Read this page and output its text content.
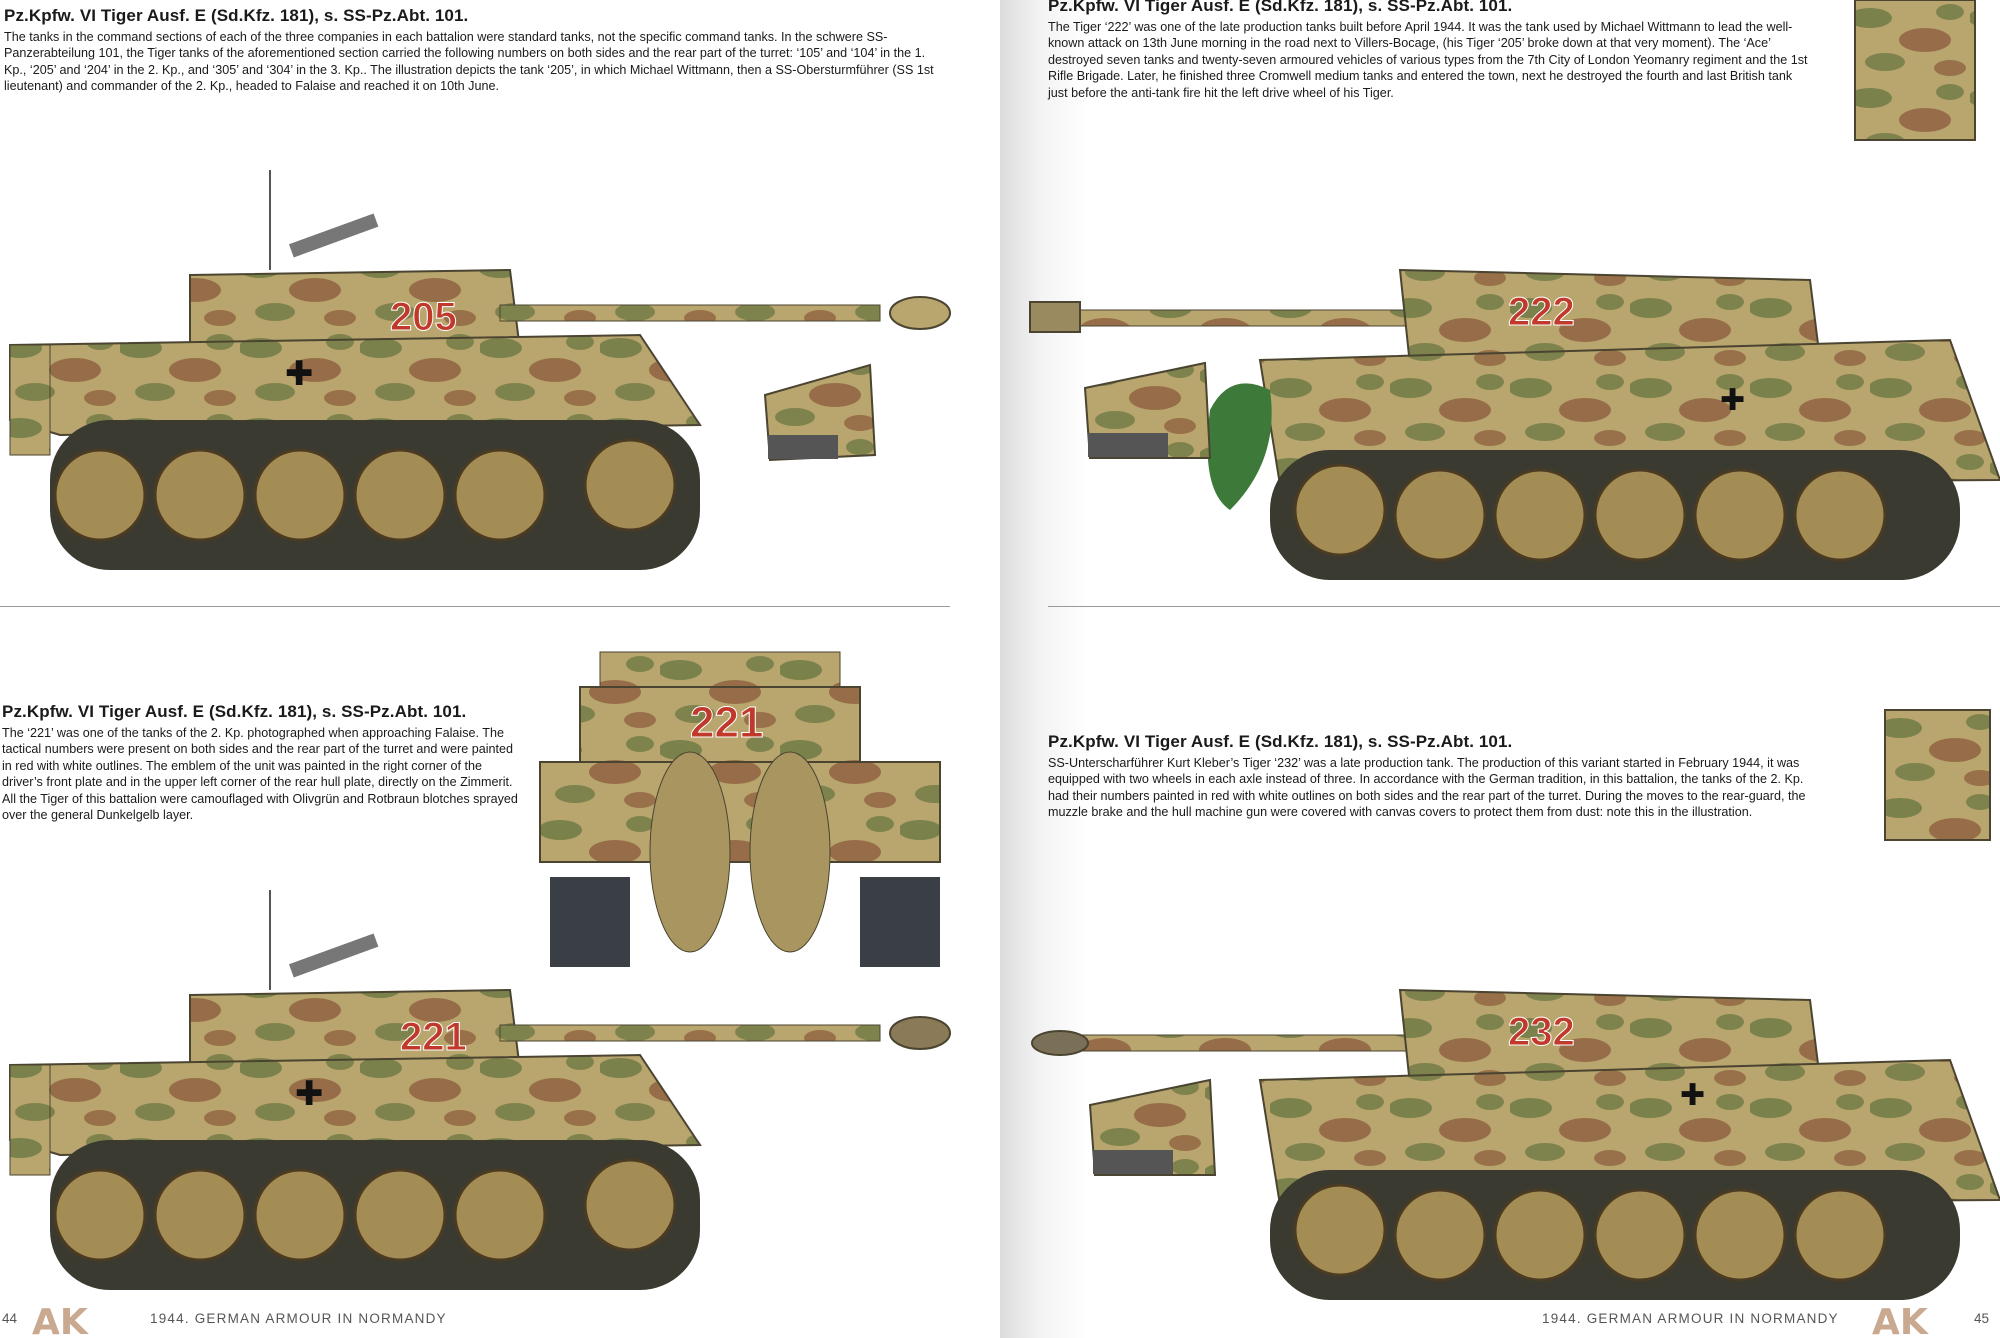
Pz.Kpfw. VI Tiger Ausf. E (Sd.Kfz. 181), s. SS-Pz.Abt. 101.

The tanks in the command sections of each of the three companies in each battalion were standard tanks, not the specific command tanks. In the schwere SS-Panzerabteilung 101, the Tiger tanks of the aforementioned section carried the following numbers on both sides and the rear part of the turret: ‘105’ and ‘104’ in the 1. Kp., ‘205’ and ‘204’ in the 2. Kp., and ‘305’ and ‘304’ in the 3. Kp.. The illustration depicts the tank ‘205’, in which Michael Wittmann, then a SS-Obersturmführer (SS 1st lieutenant) and commander of the 2. Kp., headed to Falaise and reached it on 10th June.

205
✚
Pz.Kpfw. VI Tiger Ausf. E (Sd.Kfz. 181), s. SS-Pz.Abt. 101.

The ‘221’ was one of the tanks of the 2. Kp. photographed when approaching Falaise. The tactical numbers were present on both sides and the rear part of the turret and were painted in red with white outlines. The emblem of the unit was painted in the right corner of the driver’s front plate and in the upper left corner of the rear hull plate, directly on the Zimmerit. All the Tiger of this battalion were camouflaged with Olivgrün and Rotbraun blotches sprayed over the general Dunkelgelb layer.

221
221
✚
44 AK	1944. GERMAN ARMOUR IN NORMANDY
Pz.Kpfw. VI Tiger Ausf. E (Sd.Kfz. 181), s. SS-Pz.Abt. 101.

The Tiger ‘222’ was one of the late production tanks built before April 1944. It was the tank used by Michael Wittmann to lead the well-known attack on 13th June morning in the road next to Villers-Bocage, (his Tiger ‘205’ broke down at that very moment). The ‘Ace’ destroyed seven tanks and twenty-seven armoured vehicles of various types from the 7th City of London Yeomanry regiment and the 1st Rifle Brigade. Later, he finished three Cromwell medium tanks and entered the town, next he destroyed the fourth and last British tank just before the anti-tank fire hit the left drive wheel of his Tiger.

222
✚
Pz.Kpfw. VI Tiger Ausf. E (Sd.Kfz. 181), s. SS-Pz.Abt. 101.

SS-Unterscharführer Kurt Kleber’s Tiger ‘232’ was a late production tank. The production of this variant started in February 1944, it was equipped with two wheels in each axle instead of three. In accordance with the German tradition, in this battalion, the tanks of the 2. Kp. had their numbers painted in red with white outlines on both sides and the rear part of the turret. During the moves to the rear-guard, the muzzle brake and the hull machine gun were covered with canvas covers to protect them from dust: note this in the illustration.

232
✚
1944. GERMAN ARMOUR IN NORMANDY AK	45
